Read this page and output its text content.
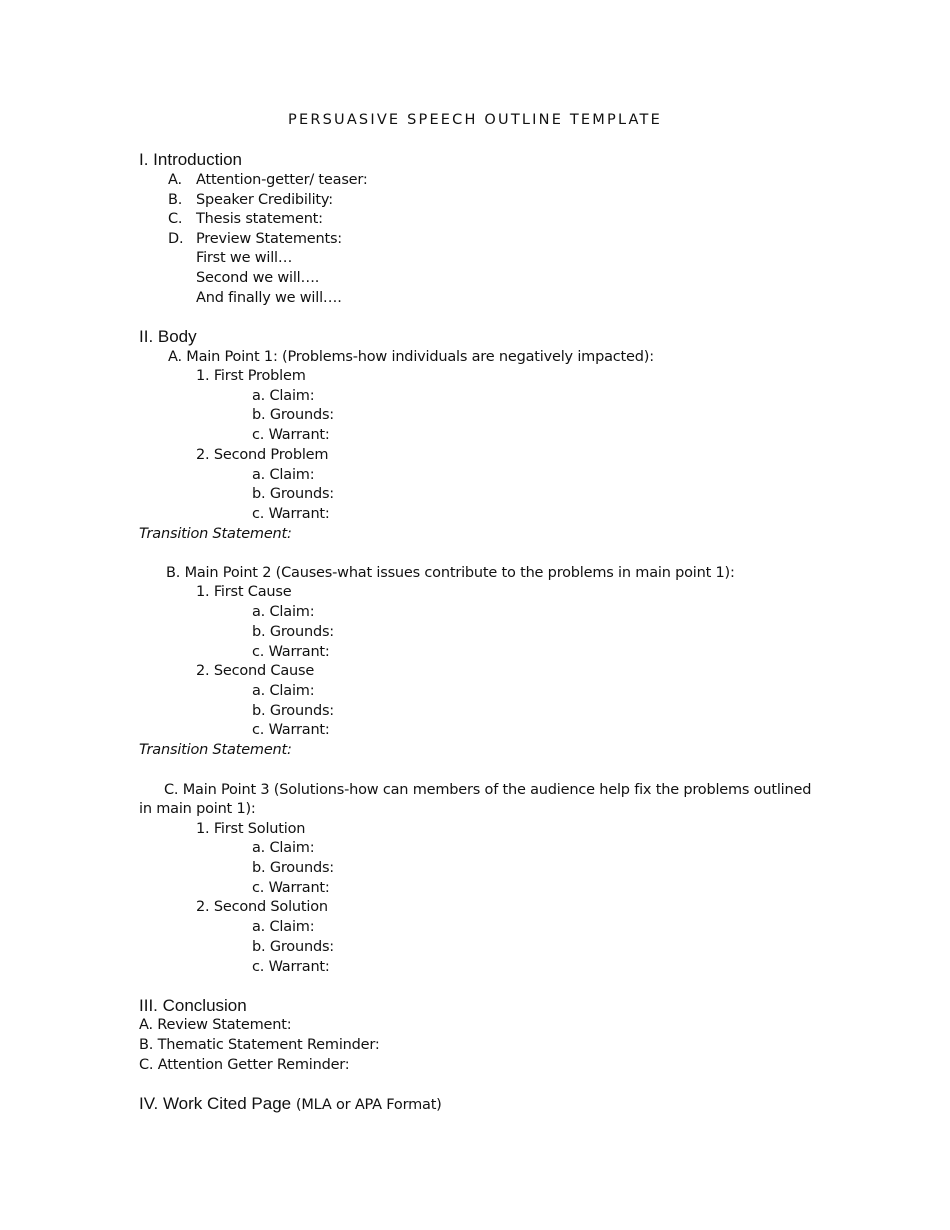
PERSUASIVE SPEECH OUTLINE TEMPLATE
I. Introduction
A. Attention-getter/ teaser:
B. Speaker Credibility:
C. Thesis statement:
D. Preview Statements:
First we will…
Second we will….
And finally we will….
II. Body
A. Main Point 1: (Problems-how individuals are negatively impacted):
1. First Problem
a. Claim:
b. Grounds:
c. Warrant:
2. Second Problem
a. Claim:
b. Grounds:
c. Warrant:
Transition Statement:
B. Main Point 2 (Causes-what issues contribute to the problems in main point 1):
1. First Cause
a. Claim:
b. Grounds:
c. Warrant:
2. Second Cause
a. Claim:
b. Grounds:
c. Warrant:
Transition Statement:
C. Main Point 3 (Solutions-how can members of the audience help fix the problems outlined
in main point 1):
1. First Solution
a. Claim:
b. Grounds:
c. Warrant:
2. Second Solution
a. Claim:
b. Grounds:
c. Warrant:
III. Conclusion
A. Review Statement:
B. Thematic Statement Reminder:
C. Attention Getter Reminder:
IV. Work Cited Page (MLA or APA Format)
